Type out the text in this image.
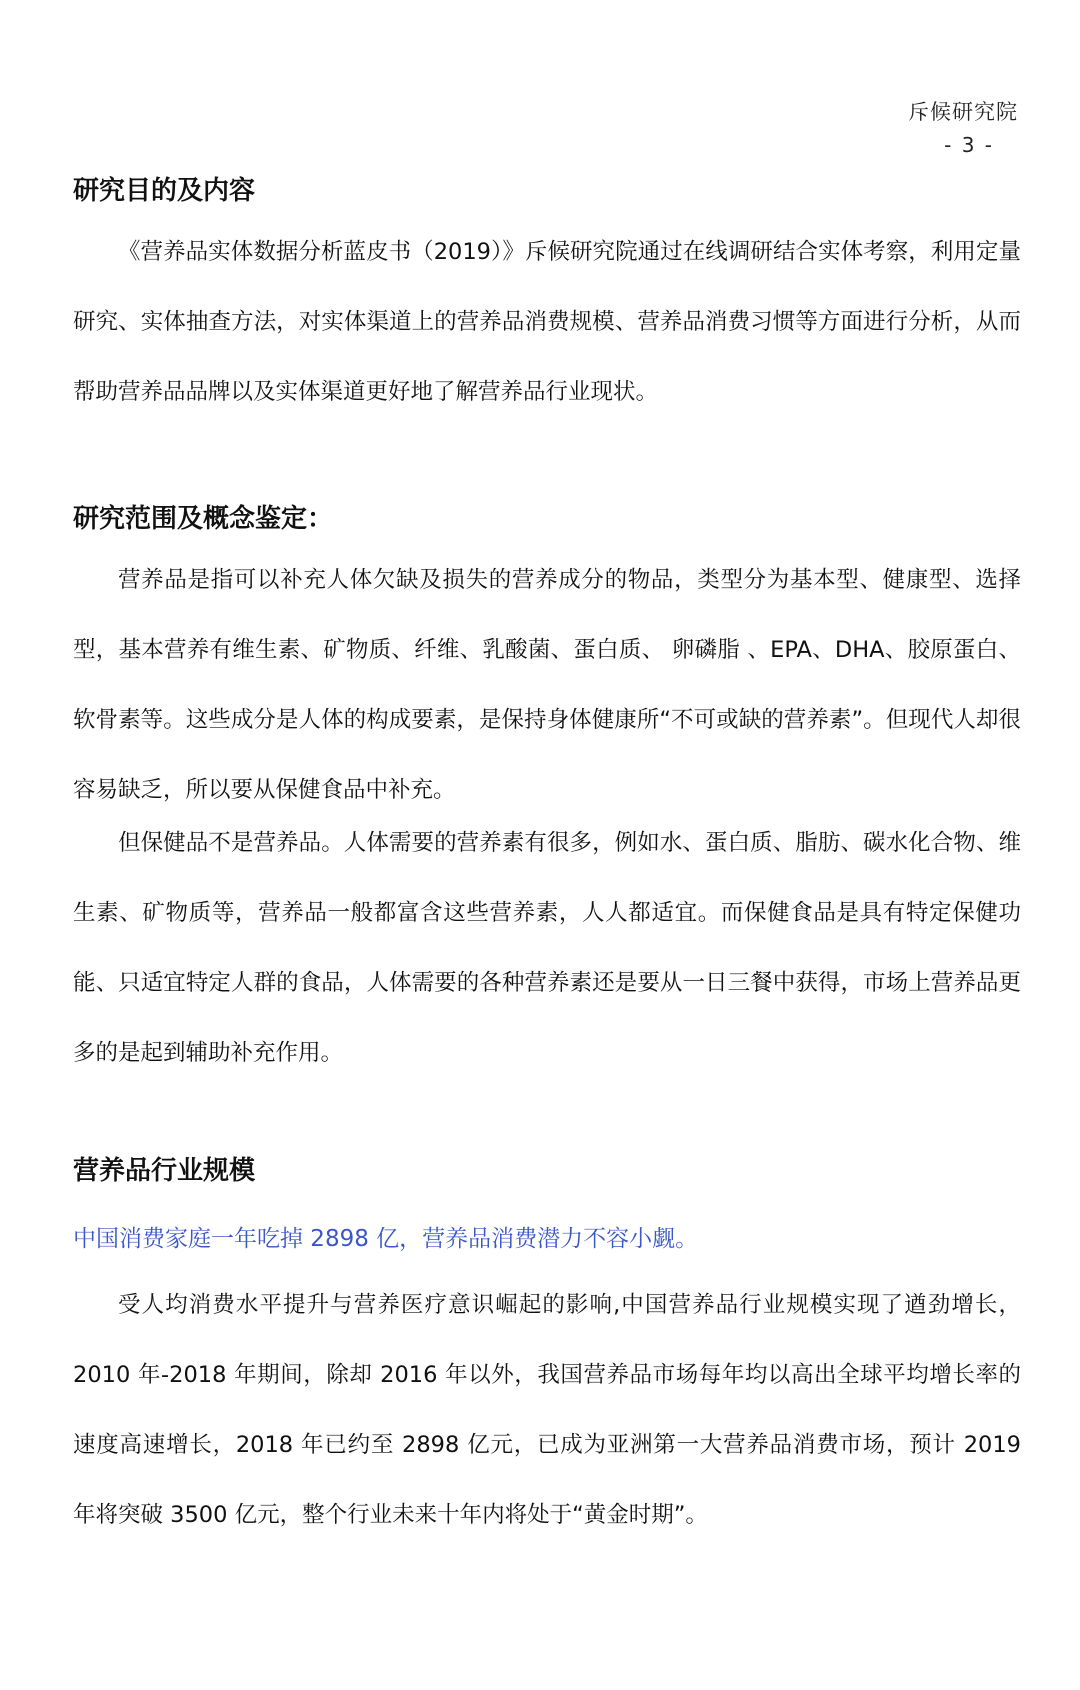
斥候研究院
- 3 -
研究目的及内容

《营养品实体数据分析蓝皮书（2019）》斥候研究院通过在线调研结合实体考察，利用定量研究、实体抽查方法，对实体渠道上的营养品消费规模、营养品消费习惯等方面进行分析，从而帮助营养品品牌以及实体渠道更好地了解营养品行业现状。

研究范围及概念鉴定：

营养品是指可以补充人体欠缺及损失的营养成分的物品，类型分为基本型、健康型、选择型，基本营养有维生素、矿物质、纤维、乳酸菌、蛋白质、 卵磷脂 、EPA、DHA、胶原蛋白、软骨素等。这些成分是人体的构成要素，是保持身体健康所“不可或缺的营养素”。但现代人却很容易缺乏，所以要从保健食品中补充。

但保健品不是营养品。人体需要的营养素有很多，例如水、蛋白质、脂肪、碳水化合物、维生素、矿物质等，营养品一般都富含这些营养素，人人都适宜。而保健食品是具有特定保健功能、只适宜特定人群的食品，人体需要的各种营养素还是要从一日三餐中获得，市场上营养品更多的是起到辅助补充作用。

营养品行业规模

中国消费家庭一年吃掉 2898 亿，营养品消费潜力不容小觑。

受人均消费水平提升与营养医疗意识崛起的影响,中国营养品行业规模实现了遒劲增长，2010 年-2018 年期间，除却 2016 年以外，我国营养品市场每年均以高出全球平均增长率的速度高速增长，2018 年已约至 2898 亿元，已成为亚洲第一大营养品消费市场，预计 2019 年将突破 3500 亿元，整个行业未来十年内将处于“黄金时期”。
